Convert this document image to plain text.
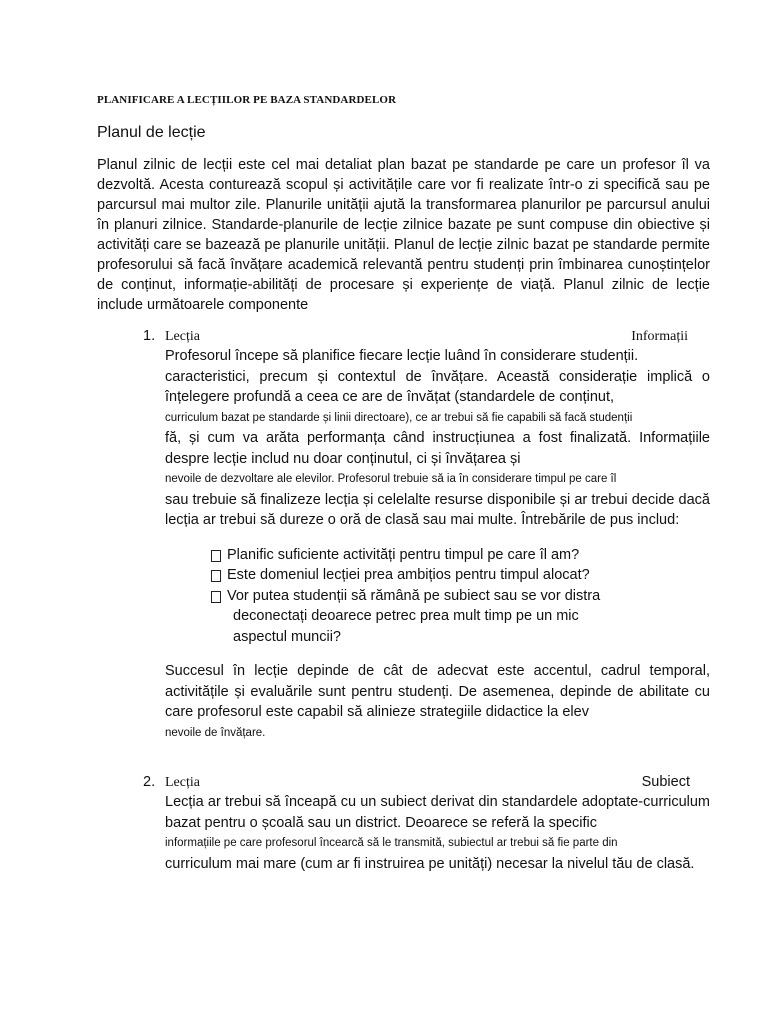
PLANIFICARE A LECȚIILOR PE BAZA STANDARDELOR
Planul de lecție
Planul zilnic de lecții este cel mai detaliat plan bazat pe standarde pe care un profesor îl va dezvoltă. Acesta conturează scopul și activitățile care vor fi realizate într-o zi specifică sau pe parcursul mai multor zile. Planurile unității ajută la transformarea planurilor pe parcursul anului în planuri zilnice. Standarde-planurile de lecție zilnice bazate pe sunt compuse din obiective și activități care se bazează pe planurile unității. Planul de lecție zilnic bazat pe standarde permite profesorului să facă învățare academică relevantă pentru studenți prin îmbinarea cunoștințelor de conținut, informație-abilități de procesare și experiențe de viață. Planul zilnic de lecție include următoarele componente
1. Lecția	Informații
Profesorul începe să planifice fiecare lecție luând în considerare studenții.
caracteristici, precum și contextul de învățare. Această considerație implică o înțelegere profundă a ceea ce are de învățat (standardele de conținut,
curriculum bazat pe standarde și linii directoare), ce ar trebui să fie capabili să facă studenții
fă, și cum va arăta performanța când instrucțiunea a fost finalizată. Informațiile despre lecție includ nu doar conținutul, ci și învățarea și
nevoile de dezvoltare ale elevilor. Profesorul trebuie să ia în considerare timpul pe care îl
sau trebuie să finalizeze lecția și celelalte resurse disponibile și ar trebui decide dacă lecția ar trebui să dureze o oră de clasă sau mai multe. Întrebările de pus includ:
Planific suficiente activități pentru timpul pe care îl am?
Este domeniul lecției prea ambițios pentru timpul alocat?
Vor putea studenții să rămână pe subiect sau se vor distra
deconectați deoarece petrec prea mult timp pe un mic
aspectul muncii?
Succesul în lecție depinde de cât de adecvat este accentul, cadrul temporal, activitățile și evaluările sunt pentru studenți. De asemenea, depinde de abilitate cu care profesorul este capabil să alinieze strategiile didactice la elev
nevoile de învățare.
2. Lecția	Subiect
Lecția ar trebui să înceapă cu un subiect derivat din standardele adoptate-curriculum bazat pentru o școală sau un district. Deoarece se referă la specific
informațiile pe care profesorul încearcă să le transmită, subiectul ar trebui să fie parte din
curriculum mai mare (cum ar fi instruirea pe unități) necesar la nivelul tău de clasă.
